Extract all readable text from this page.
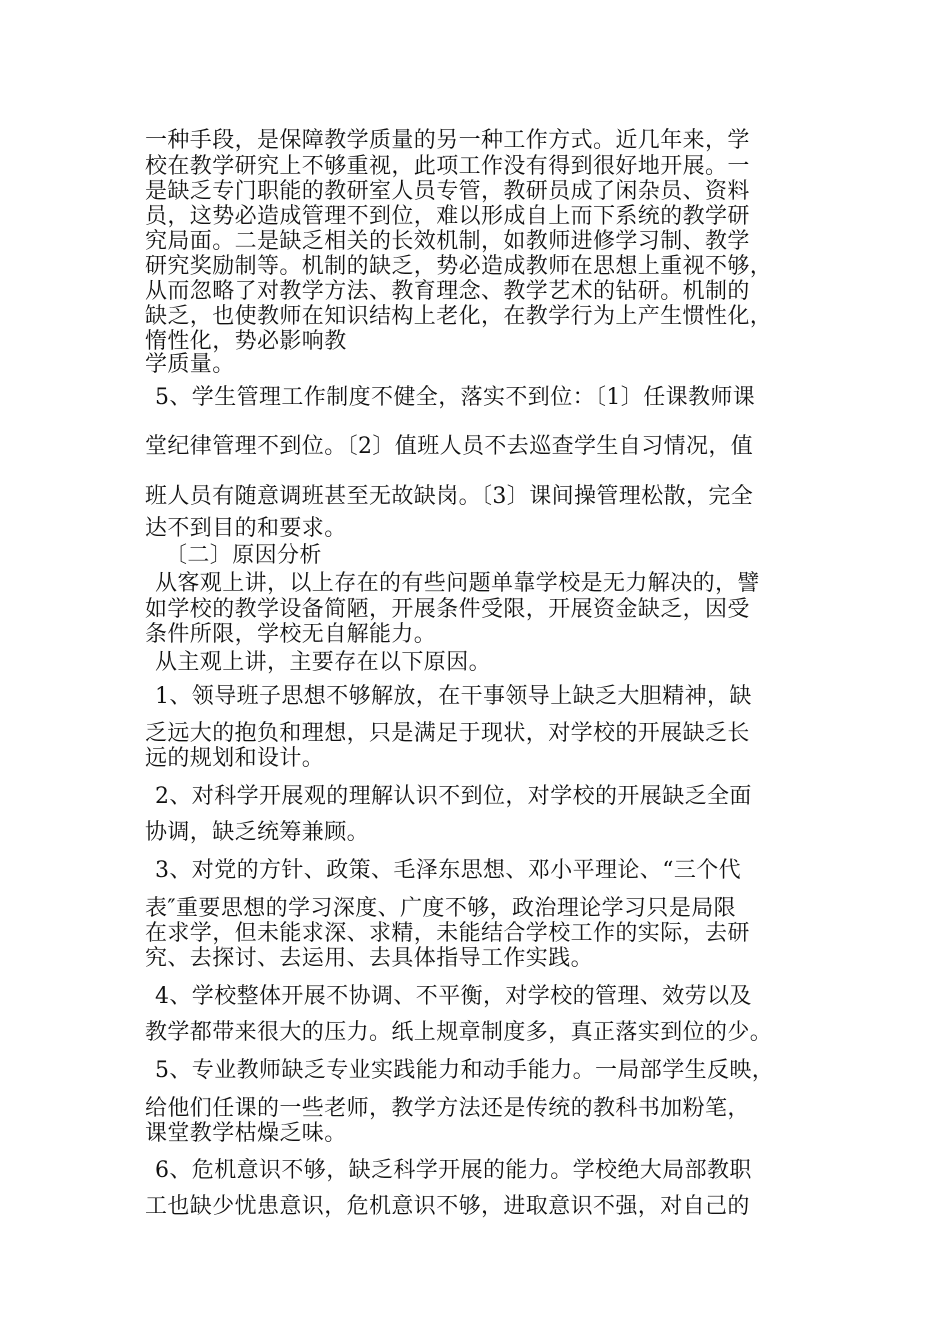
一种手段，是保障教学质量的另一种工作方式。近几年来，学
校在教学研究上不够重视，此项工作没有得到很好地开展。一
是缺乏专门职能的教研室人员专管，教研员成了闲杂员、资料
员，这势必造成管理不到位，难以形成自上而下系统的教学研
究局面。二是缺乏相关的长效机制，如教师进修学习制、教学
研究奖励制等。机制的缺乏，势必造成教师在思想上重视不够，
从而忽略了对教学方法、教育理念、教学艺术的钻研。机制的
缺乏，也使教师在知识结构上老化，在教学行为上产生惯性化，
惰性化，势必影响教
学质量。
5、学生管理工作制度不健全，落实不到位：〔1〕任课教师课
堂纪律管理不到位。〔2〕值班人员不去巡查学生自习情况，值
班人员有随意调班甚至无故缺岗。〔3〕课间操管理松散，完全
达不到目的和要求。
〔二〕原因分析
从客观上讲，以上存在的有些问题单靠学校是无力解决的，譬
如学校的教学设备简陋，开展条件受限，开展资金缺乏，因受
条件所限，学校无自解能力。
从主观上讲，主要存在以下原因。
1、领导班子思想不够解放，在干事领导上缺乏大胆精神，缺
乏远大的抱负和理想，只是满足于现状，对学校的开展缺乏长
远的规划和设计。
2、对科学开展观的理解认识不到位，对学校的开展缺乏全面
协调，缺乏统筹兼顾。
3、对党的方针、政策、毛泽东思想、邓小平理论、“三个代
表″重要思想的学习深度、广度不够，政治理论学习只是局限
在求学，但未能求深、求精，未能结合学校工作的实际，去研
究、去探讨、去运用、去具体指导工作实践。
4、学校整体开展不协调、不平衡，对学校的管理、效劳以及
教学都带来很大的压力。纸上规章制度多，真正落实到位的少。
5、专业教师缺乏专业实践能力和动手能力。一局部学生反映，
给他们任课的一些老师，教学方法还是传统的教科书加粉笔，
课堂教学枯燥乏味。
6、危机意识不够，缺乏科学开展的能力。学校绝大局部教职
工也缺少忧患意识，危机意识不够，进取意识不强，对自己的
